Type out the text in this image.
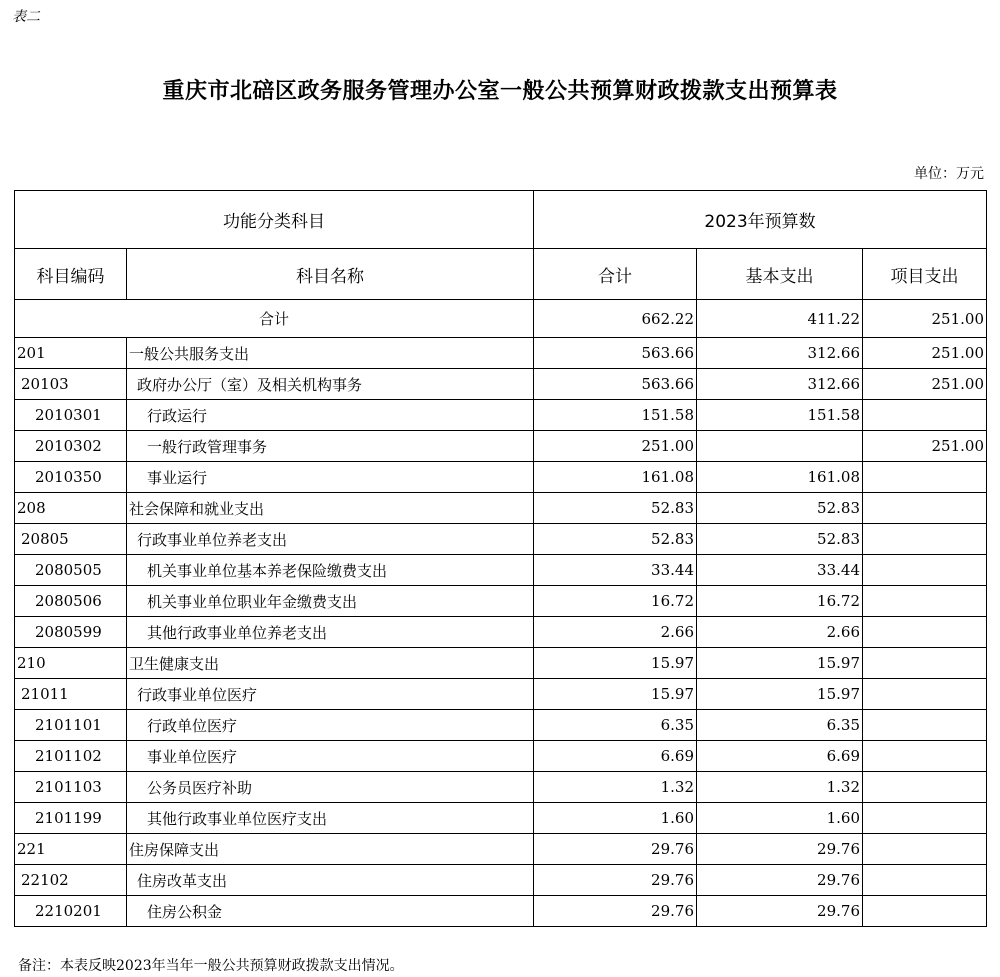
表二
重庆市北碚区政务服务管理办公室一般公共预算财政拨款支出预算表
单位：万元
功能分类科目		2023年预算数		
科目编码	科目名称	合计	基本支出	项目支出
合计		662.22	411.22	251.00
201	一般公共服务支出	563.66	312.66	251.00
20103	政府办公厅（室）及相关机构事务	563.66	312.66	251.00
2010301	行政运行	151.58	151.58	
2010302	一般行政管理事务	251.00		251.00
2010350	事业运行	161.08	161.08	
208	社会保障和就业支出	52.83	52.83	
20805	行政事业单位养老支出	52.83	52.83	
2080505	机关事业单位基本养老保险缴费支出	33.44	33.44	
2080506	机关事业单位职业年金缴费支出	16.72	16.72	
2080599	其他行政事业单位养老支出	2.66	2.66	
210	卫生健康支出	15.97	15.97	
21011	行政事业单位医疗	15.97	15.97	
2101101	行政单位医疗	6.35	6.35	
2101102	事业单位医疗	6.69	6.69	
2101103	公务员医疗补助	1.32	1.32	
2101199	其他行政事业单位医疗支出	1.60	1.60	
221	住房保障支出	29.76	29.76	
22102	住房改革支出	29.76	29.76	
2210201	住房公积金	29.76	29.76	
备注：本表反映2023年当年一般公共预算财政拨款支出情况。
